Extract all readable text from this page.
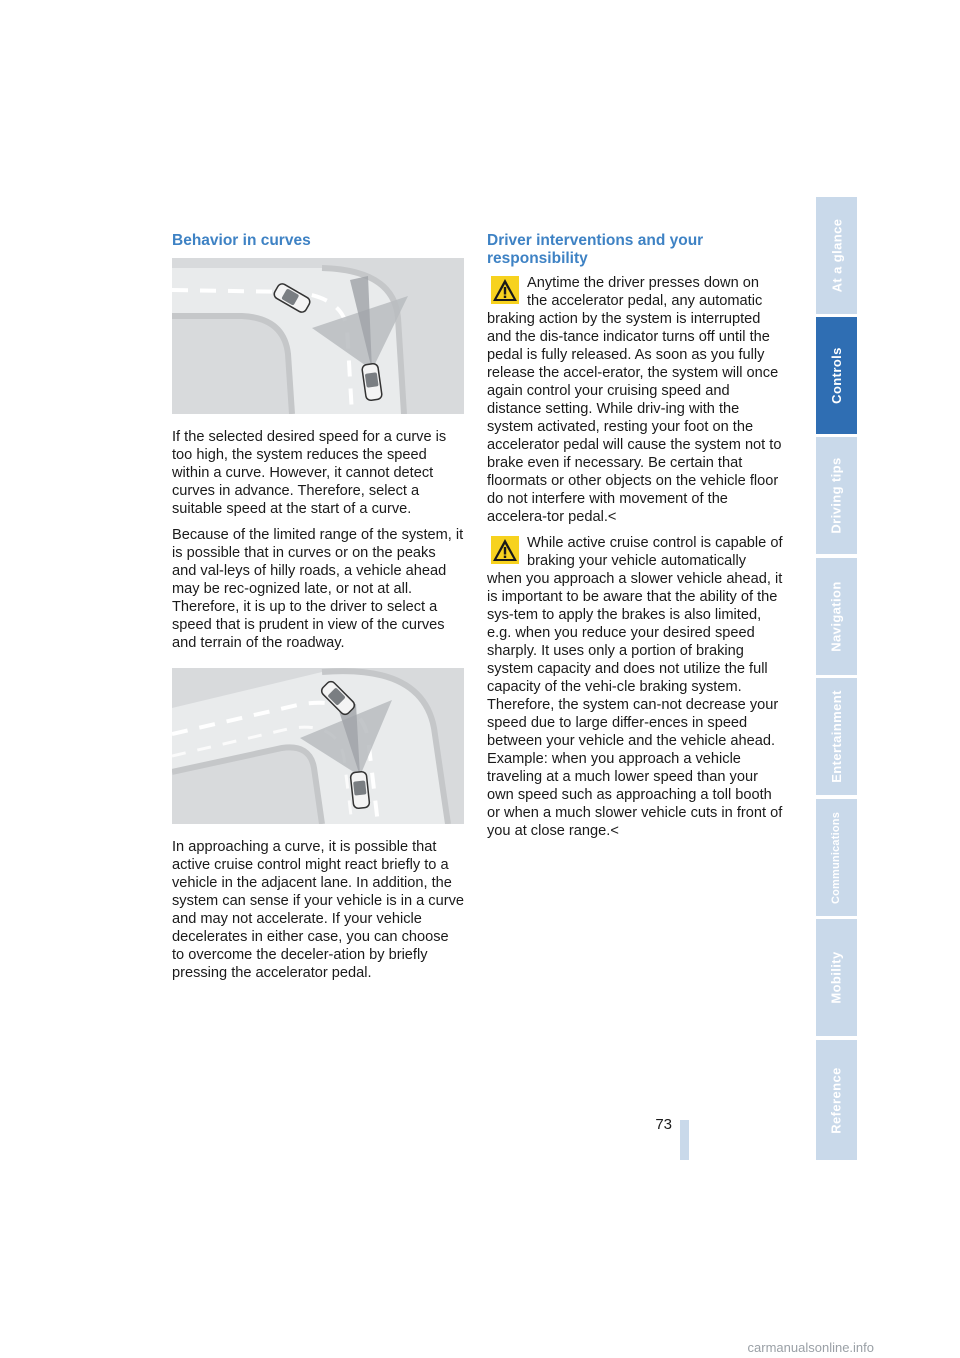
Behavior in curves

If the selected desired speed for a curve is too high, the system reduces the speed within a curve. However, it cannot detect curves in advance. Therefore, select a suitable speed at the start of a curve.

Because of the limited range of the system, it is possible that in curves or on the peaks and val-leys of hilly roads, a vehicle ahead may be rec-ognized late, or not at all. Therefore, it is up to the driver to select a speed that is prudent in view of the curves and terrain of the roadway.

In approaching a curve, it is possible that active cruise control might react briefly to a vehicle in the adjacent lane. In addition, the system can sense if your vehicle is in a curve and may not accelerate. If your vehicle decelerates in either case, you can choose to overcome the deceler-ation by briefly pressing the accelerator pedal.

Driver interventions and your responsibility

Anytime the driver presses down on the accelerator pedal, any automatic braking action by the system is interrupted and the dis-tance indicator turns off until the pedal is fully released. As soon as you fully release the accel-erator, the system will once again control your cruising speed and distance setting. While driv-ing with the system activated, resting your foot on the accelerator pedal will cause the system not to brake even if necessary. Be certain that floormats or other objects on the vehicle floor do not interfere with movement of the accelera-tor pedal.<

While active cruise control is capable of braking your vehicle automatically when you approach a slower vehicle ahead, it is important to be aware that the ability of the sys-tem to apply the brakes is also limited, e.g. when you reduce your desired speed sharply. It uses only a portion of braking system capacity and does not utilize the full capacity of the vehi-cle braking system. Therefore, the system can-not decrease your speed due to large differ-ences in speed between your vehicle and the vehicle ahead. Example: when you approach a vehicle traveling at a much lower speed than your own speed such as approaching a toll booth or when a much slower vehicle cuts in front of you at close range.<

At a glance
Controls
Driving tips
Navigation
Entertainment
Communications
Mobility
Reference
73
carmanualsonline.info
